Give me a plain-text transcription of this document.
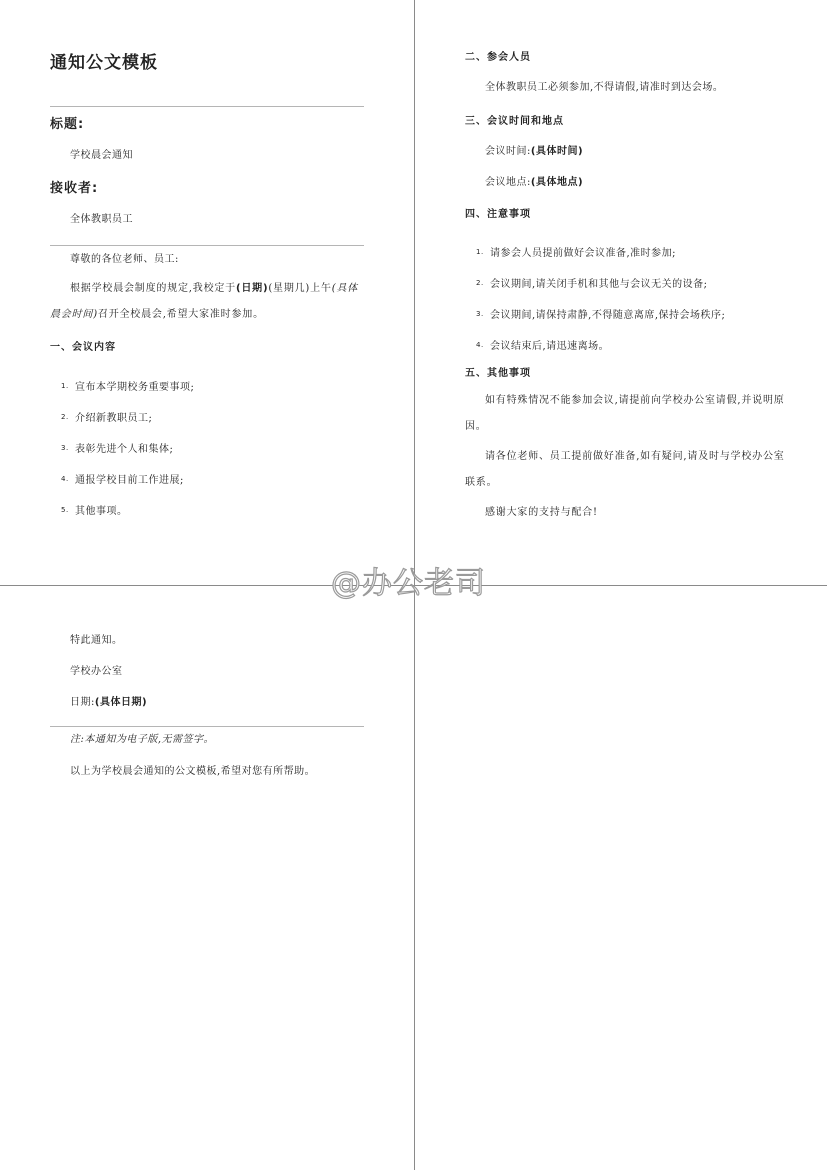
通知公文模板
标题:
学校晨会通知
接收者:
全体教职员工
尊敬的各位老师、员工:
根据学校晨会制度的规定,我校定于(日期)(星期几)上午(具体晨会时间)召开全校晨会,希望大家准时参加。
一、会议内容
1. 宣布本学期校务重要事项;
2. 介绍新教职员工;
3. 表彰先进个人和集体;
4. 通报学校目前工作进展;
5. 其他事项。
二、参会人员
全体教职员工必须参加,不得请假,请准时到达会场。
三、会议时间和地点
会议时间:(具体时间)
会议地点:(具体地点)
四、注意事项
1. 请参会人员提前做好会议准备,准时参加;
2. 会议期间,请关闭手机和其他与会议无关的设备;
3. 会议期间,请保持肃静,不得随意离席,保持会场秩序;
4. 会议结束后,请迅速离场。
五、其他事项
如有特殊情况不能参加会议,请提前向学校办公室请假,并说明原因。
请各位老师、员工提前做好准备,如有疑问,请及时与学校办公室联系。
感谢大家的支持与配合!
特此通知。
学校办公室
日期:(具体日期)
注:本通知为电子版,无需签字。
以上为学校晨会通知的公文模板,希望对您有所帮助。
@办公老司
